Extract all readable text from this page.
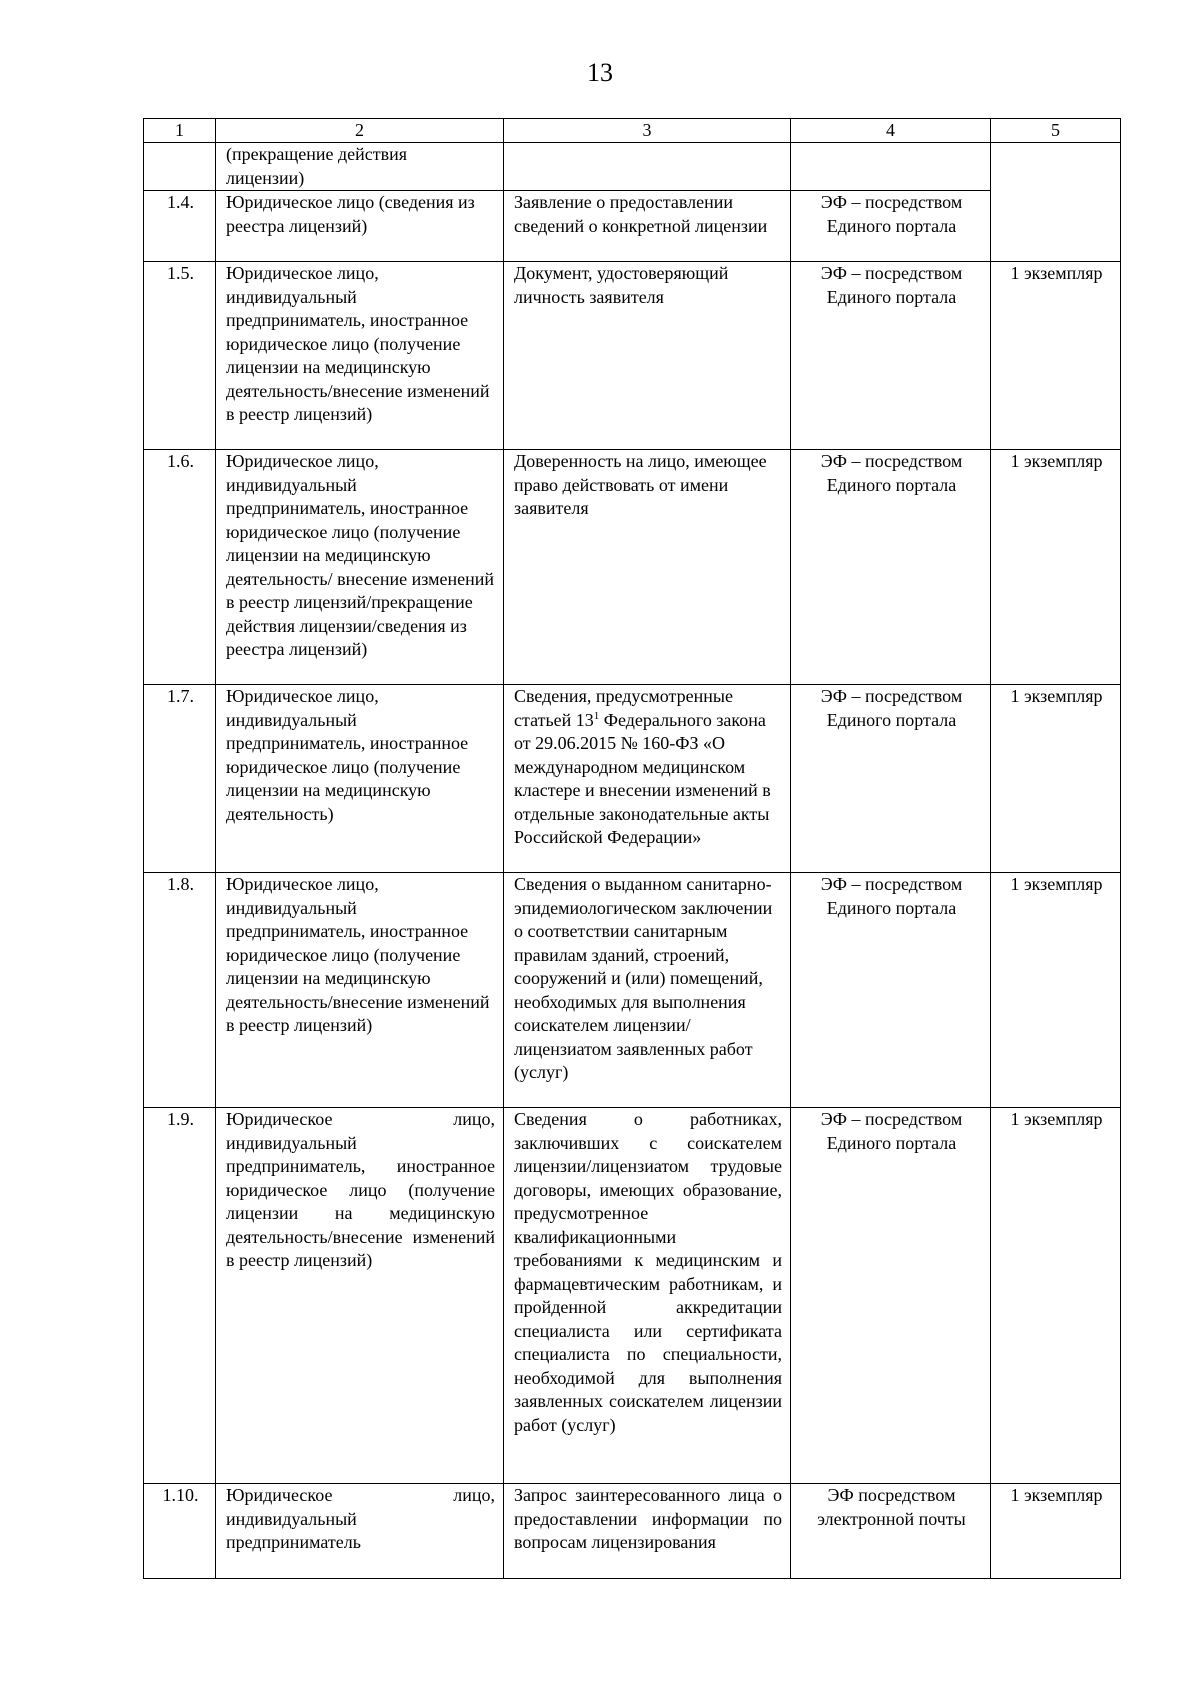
13
1	2	3	4	5
	(прекращение действия лицензии)			
1.4.	Юридическое лицо (сведения из реестра лицензий)	Заявление о предоставлении сведений о конкретной лицензии	ЭФ – посредством Единого портала	
1.5.	Юридическое лицо, индивидуальный предприниматель, иностранное юридическое лицо (получение лицензии на медицинскую деятельность/внесение изменений в реестр лицензий)	Документ, удостоверяющий личность заявителя	ЭФ – посредством Единого портала	1 экземпляр
1.6.	Юридическое лицо, индивидуальный предприниматель, иностранное юридическое лицо (получение лицензии на медицинскую деятельность/ внесение изменений в реестр лицензий/прекращение действия лицензии/сведения из реестра лицензий)	Доверенность на лицо, имеющее право действовать от имени заявителя	ЭФ – посредством Единого портала	1 экземпляр
1.7.	Юридическое лицо, индивидуальный предприниматель, иностранное юридическое лицо (получение лицензии на медицинскую деятельность)	Сведения, предусмотренные статьей $13^1$ Федерального закона от 29.06.2015 № 160-ФЗ «О международном медицинском кластере и внесении изменений в отдельные законодательные акты Российской Федерации»	ЭФ – посредством Единого портала	1 экземпляр
1.8.	Юридическое лицо, индивидуальный предприниматель, иностранное юридическое лицо (получение лицензии на медицинскую деятельность/внесение изменений в реестр лицензий)	Сведения о выданном санитарно-эпидемиологическом заключении о соответствии санитарным правилам зданий, строений, сооружений и (или) помещений, необходимых для выполнения соискателем лицензии/ лицензиатом заявленных работ (услуг)	ЭФ – посредством Единого портала	1 экземпляр
1.9.	Юридическое лицо, индивидуальный предприниматель, иностранное юридическое лицо (получение лицензии на медицинскую деятельность/внесение изменений в реестр лицензий)	Сведения о работниках, заключивших с соискателем лицензии/лицензиатом трудовые договоры, имеющих образование, предусмотренное квалификационными требованиями к медицинским и фармацевтическим работникам, и пройденной аккредитации специалиста или сертификата специалиста по специальности, необходимой для выполнения заявленных соискателем лицензии работ (услуг)	ЭФ – посредством Единого портала	1 экземпляр
1.10.	Юридическое лицо, индивидуальный предприниматель	Запрос заинтересованного лица о предоставлении информации по вопросам лицензирования	ЭФ посредством электронной почты	1 экземпляр
